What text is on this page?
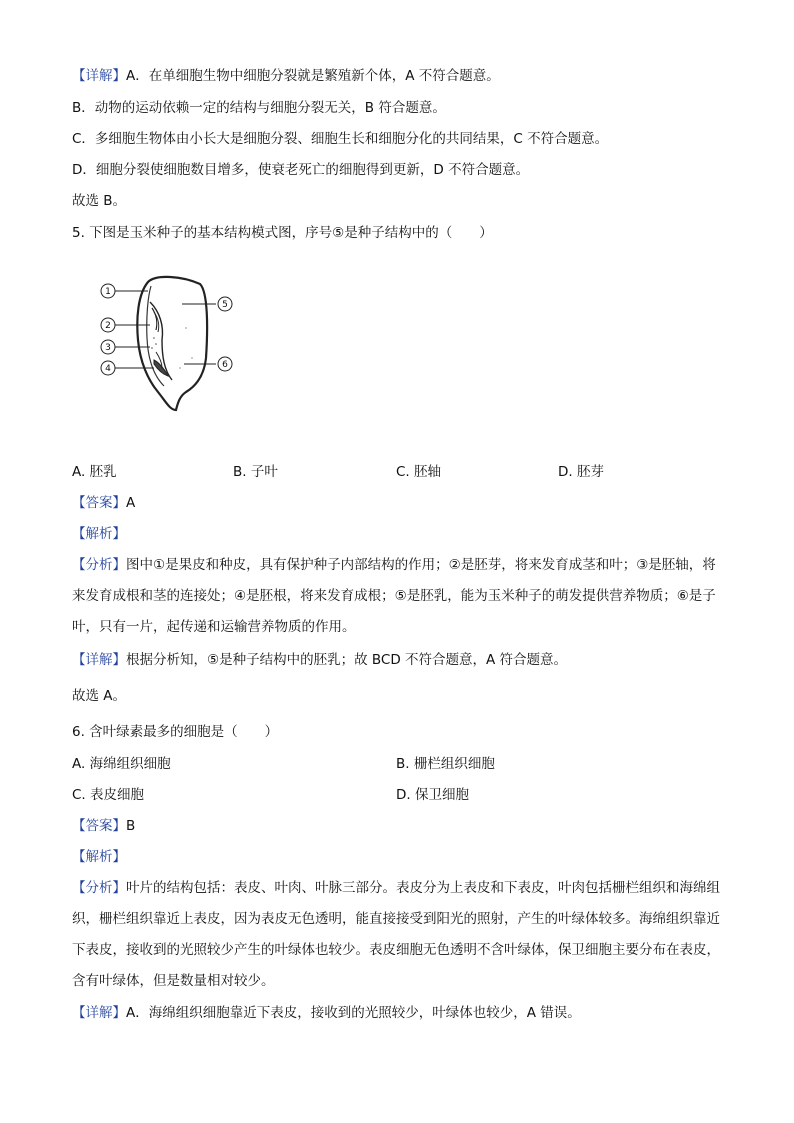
【详解】A．在单细胞生物中细胞分裂就是繁殖新个体，A 不符合题意。
B．动物的运动依赖一定的结构与细胞分裂无关，B 符合题意。
C．多细胞生物体由小长大是细胞分裂、细胞生长和细胞分化的共同结果，C 不符合题意。
D．细胞分裂使细胞数目增多，使衰老死亡的细胞得到更新，D 不符合题意。
故选 B。
5. 下图是玉米种子的基本结构模式图，序号⑤是种子结构中的（　　）
1
2
3
4
5
6
A. 胚乳	B. 子叶	C. 胚轴	D. 胚芽
【答案】A
【解析】
【分析】图中①是果皮和种皮，具有保护种子内部结构的作用；②是胚芽，将来发育成茎和叶；③是胚轴，将来发育成根和茎的连接处；④是胚根，将来发育成根；⑤是胚乳，能为玉米种子的萌发提供营养物质；⑥是子叶，只有一片，起传递和运输营养物质的作用。
【详解】根据分析知，⑤是种子结构中的胚乳；故 BCD 不符合题意，A 符合题意。
故选 A。
6. 含叶绿素最多的细胞是（　　）
A. 海绵组织细胞	B. 栅栏组织细胞
C. 表皮细胞	D. 保卫细胞
【答案】B
【解析】
【分析】叶片的结构包括：表皮、叶肉、叶脉三部分。表皮分为上表皮和下表皮，叶肉包括栅栏组织和海绵组织，栅栏组织靠近上表皮，因为表皮无色透明，能直接接受到阳光的照射，产生的叶绿体较多。海绵组织靠近下表皮，接收到的光照较少产生的叶绿体也较少。表皮细胞无色透明不含叶绿体，保卫细胞主要分布在表皮，含有叶绿体，但是数量相对较少。
【详解】A．海绵组织细胞靠近下表皮，接收到的光照较少，叶绿体也较少，A 错误。
